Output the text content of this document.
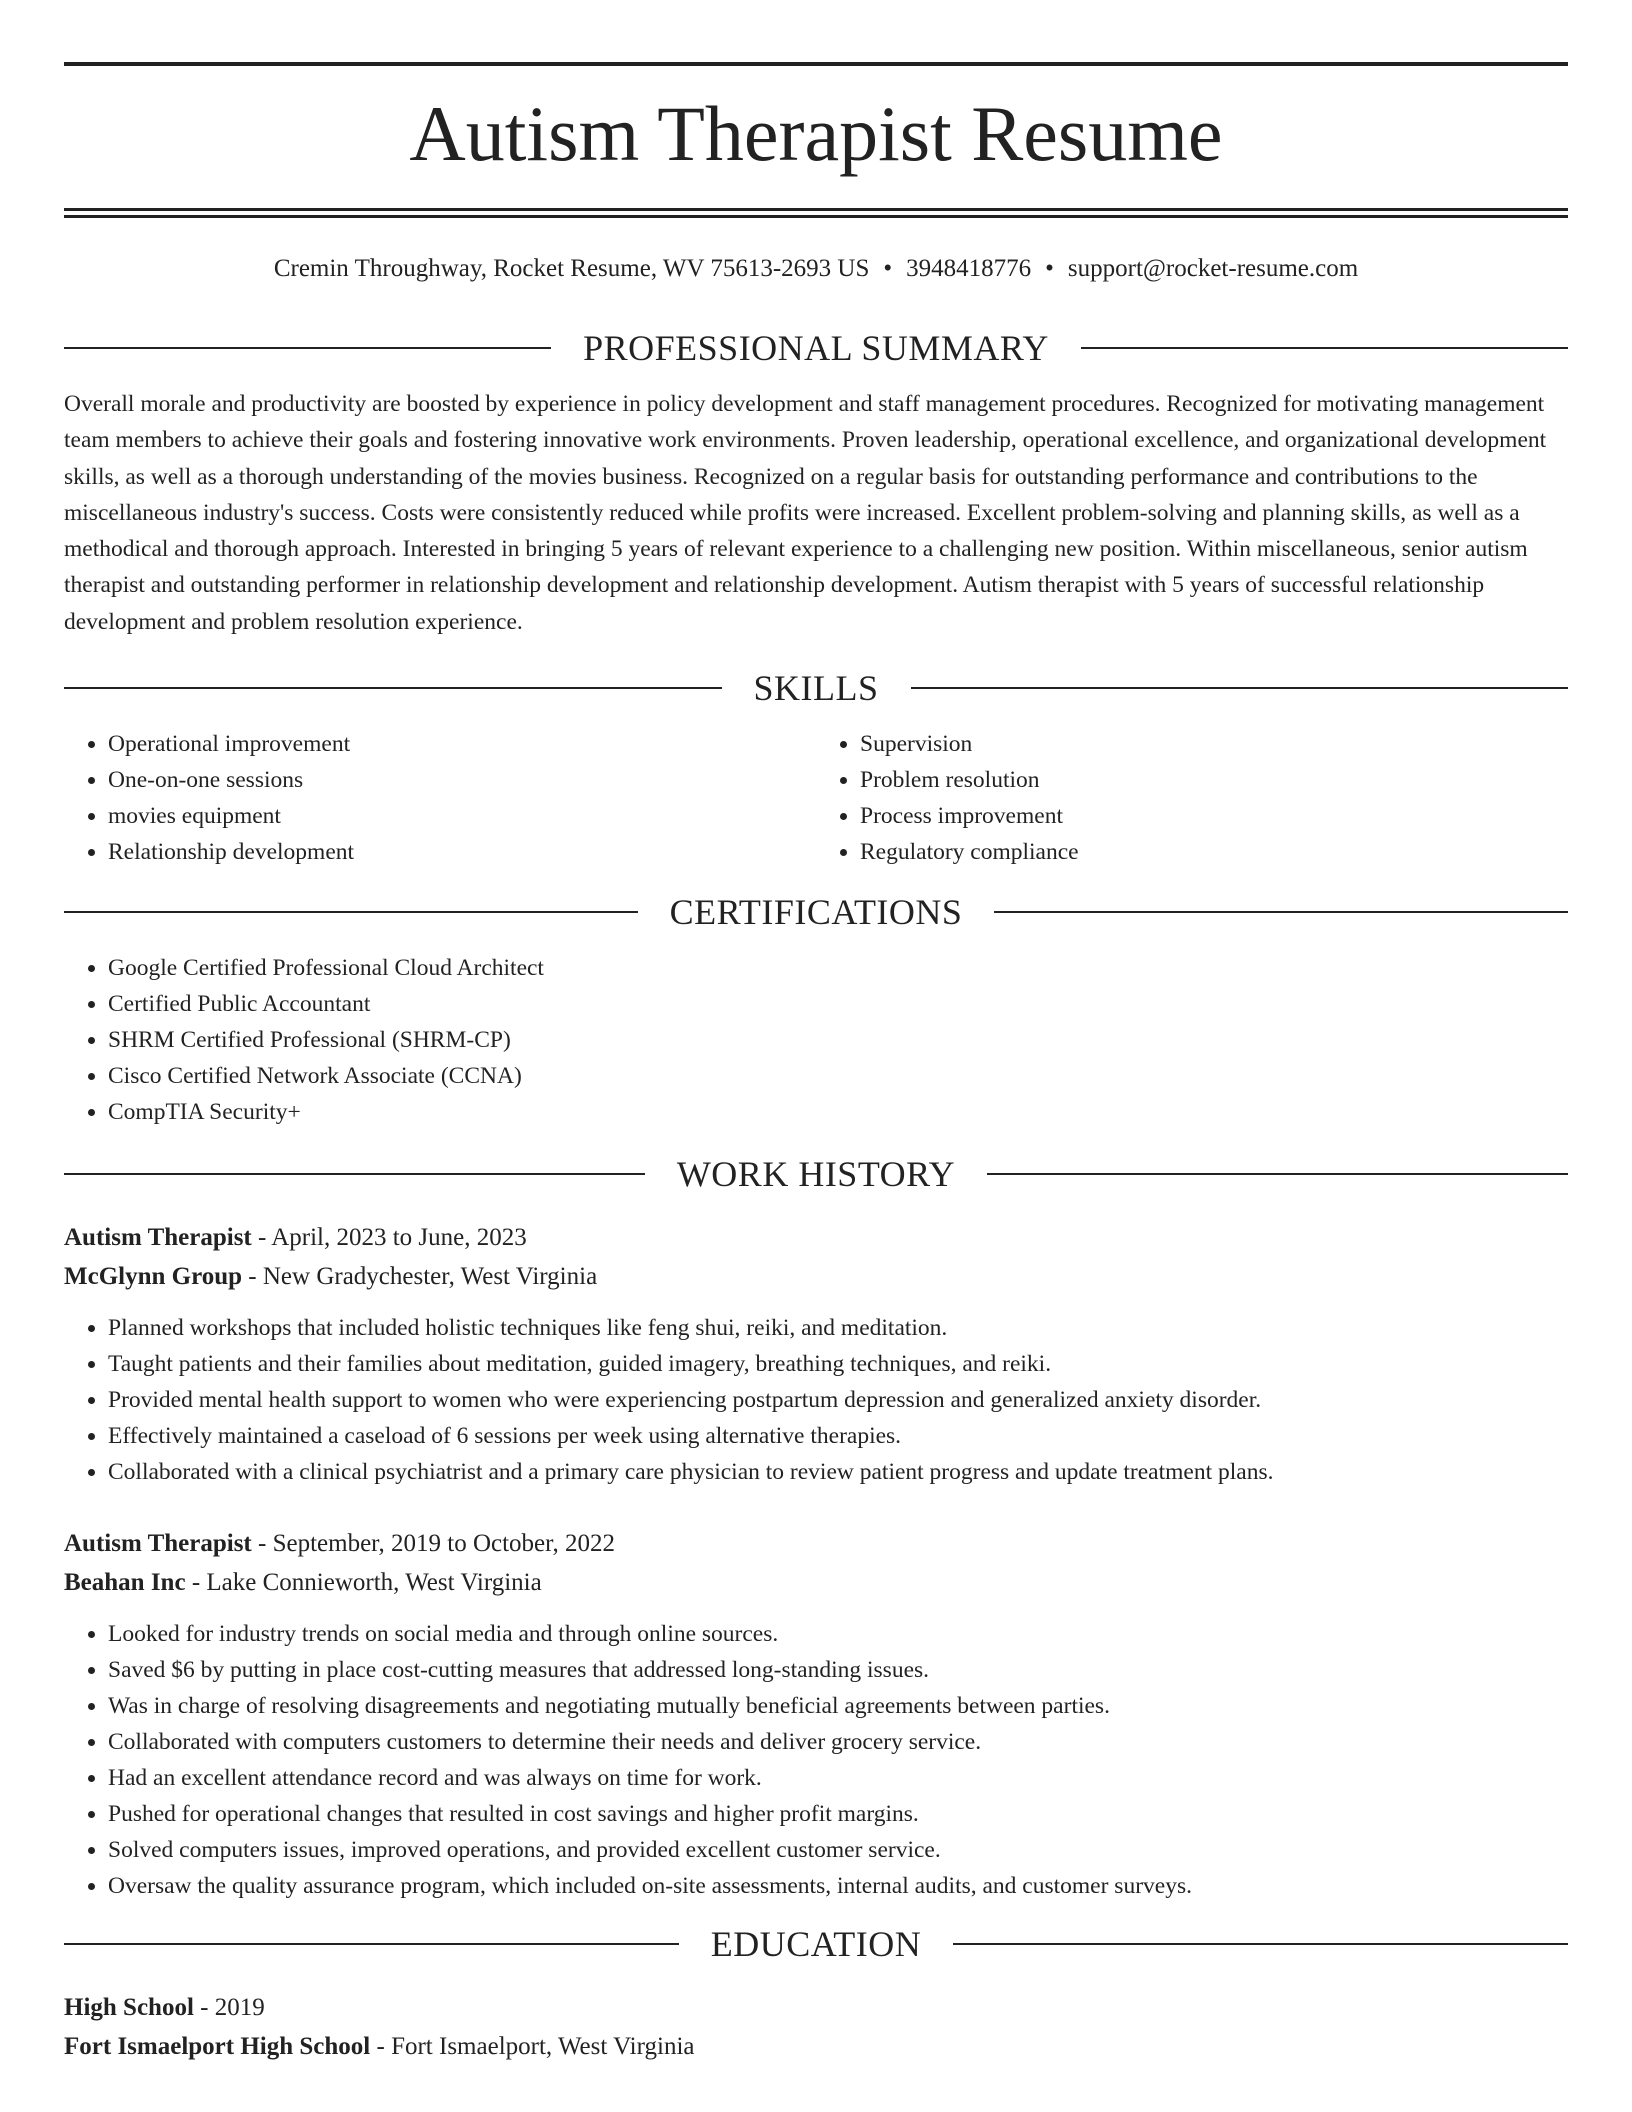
Autism Therapist Resume
Cremin Throughway, Rocket Resume, WV 75613-2693 US • 3948418776 • support@rocket-resume.com
PROFESSIONAL SUMMARY

Overall morale and productivity are boosted by experience in policy development and staff management procedures. Recognized for motivating management team members to achieve their goals and fostering innovative work environments. Proven leadership, operational excellence, and organizational development skills, as well as a thorough understanding of the movies business. Recognized on a regular basis for outstanding performance and contributions to the miscellaneous industry's success. Costs were consistently reduced while profits were increased. Excellent problem-solving and planning skills, as well as a methodical and thorough approach. Interested in bringing 5 years of relevant experience to a challenging new position. Within miscellaneous, senior autism therapist and outstanding performer in relationship development and relationship development. Autism therapist with 5 years of successful relationship development and problem resolution experience.

SKILLS
• Operational improvement
• One-on-one sessions
• movies equipment
• Relationship development
• Supervision
• Problem resolution
• Process improvement
• Regulatory compliance
CERTIFICATIONS
• Google Certified Professional Cloud Architect
• Certified Public Accountant
• SHRM Certified Professional (SHRM-CP)
• Cisco Certified Network Associate (CCNA)
• CompTIA Security+
WORK HISTORY
Autism Therapist - April, 2023 to June, 2023
McGlynn Group - New Gradychester, West Virginia
• Planned workshops that included holistic techniques like feng shui, reiki, and meditation.
• Taught patients and their families about meditation, guided imagery, breathing techniques, and reiki.
• Provided mental health support to women who were experiencing postpartum depression and generalized anxiety disorder.
• Effectively maintained a caseload of 6 sessions per week using alternative therapies.
• Collaborated with a clinical psychiatrist and a primary care physician to review patient progress and update treatment plans.
Autism Therapist - September, 2019 to October, 2022
Beahan Inc - Lake Connieworth, West Virginia
• Looked for industry trends on social media and through online sources.
• Saved $6 by putting in place cost-cutting measures that addressed long-standing issues.
• Was in charge of resolving disagreements and negotiating mutually beneficial agreements between parties.
• Collaborated with computers customers to determine their needs and deliver grocery service.
• Had an excellent attendance record and was always on time for work.
• Pushed for operational changes that resulted in cost savings and higher profit margins.
• Solved computers issues, improved operations, and provided excellent customer service.
• Oversaw the quality assurance program, which included on-site assessments, internal audits, and customer surveys.
EDUCATION
High School - 2019
Fort Ismaelport High School - Fort Ismaelport, West Virginia
